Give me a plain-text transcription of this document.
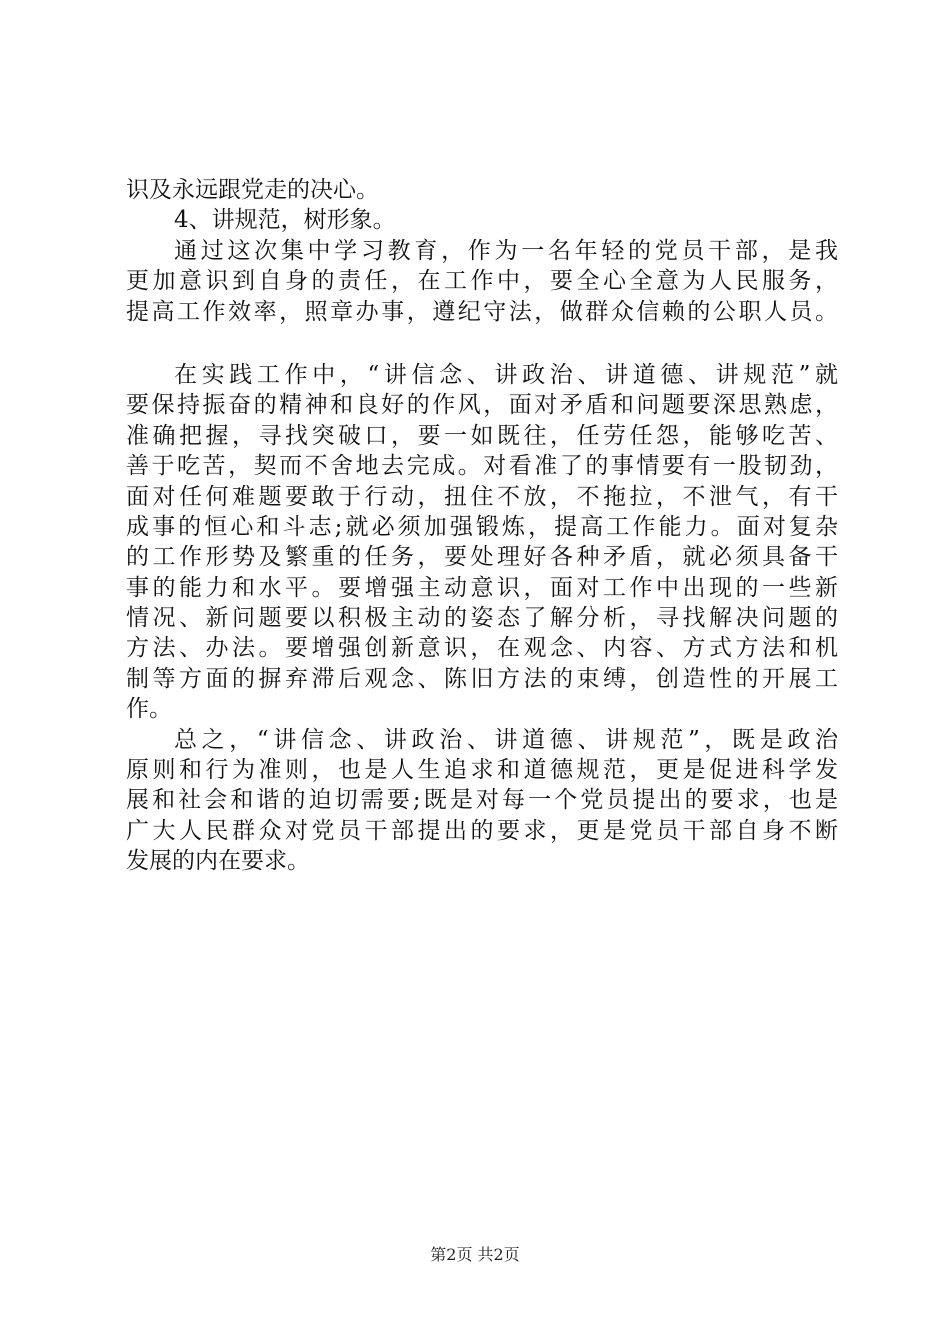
识及永远跟党走的决心。
4、讲规范，树形象。
通过这次集中学习教育，作为一名年轻的党员干部，是我
更加意识到自身的责任，在工作中，要全心全意为人民服务，
提高工作效率，照章办事，遵纪守法，做群众信赖的公职人员。
在实践工作中，“讲信念、讲政治、讲道德、讲规范”就
要保持振奋的精神和良好的作风，面对矛盾和问题要深思熟虑，
准确把握，寻找突破口，要一如既往，任劳任怨，能够吃苦、
善于吃苦，契而不舍地去完成。对看准了的事情要有一股韧劲，
面对任何难题要敢于行动，扭住不放，不拖拉，不泄气，有干
成事的恒心和斗志;就必须加强锻炼，提高工作能力。面对复杂
的工作形势及繁重的任务，要处理好各种矛盾，就必须具备干
事的能力和水平。要增强主动意识，面对工作中出现的一些新
情况、新问题要以积极主动的姿态了解分析，寻找解决问题的
方法、办法。要增强创新意识，在观念、内容、方式方法和机
制等方面的摒弃滞后观念、陈旧方法的束缚，创造性的开展工
作。
总之，“讲信念、讲政治、讲道德、讲规范”，既是政治
原则和行为准则，也是人生追求和道德规范，更是促进科学发
展和社会和谐的迫切需要;既是对每一个党员提出的要求，也是
广大人民群众对党员干部提出的要求，更是党员干部自身不断
发展的内在要求。
第2页 共2页
